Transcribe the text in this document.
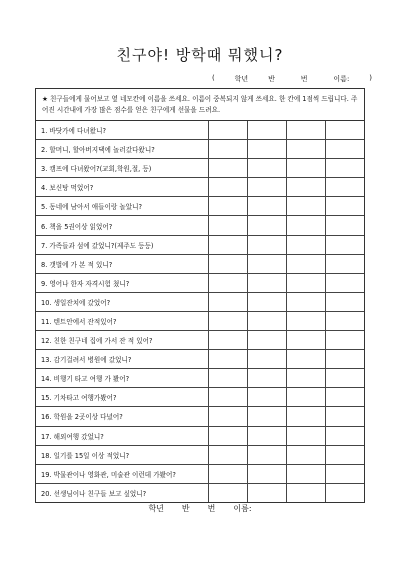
친구야! 방학때 뭐했니?
(	학년	반	번	이름:	)
★ 친구들에게 물어보고 옆 네모칸에 이름을 쓰세요. 이름이 중복되지 않게 쓰세요. 한 칸에 1점씩 드립니다. 주어진 시간내에 가장 많은 점수를 얻은 친구에게 선물을 드려요.
1. 바닷가에 다녀왔니?				
2. 할머니, 할아버지댁에 놀러갔다왔니?				
3. 캠프에 다녀왔어?(교회,학원,절, 등)				
4. 보신탕 먹었어?				
5. 동네에 남아서 애들이랑 놀았니?				
6. 책을 5권이상 읽었어?				
7. 가족들과 섬에 갔었니?(제주도 등등)				
8. 갯벌에 가 본 적 있니?				
9. 영어나 한자 자격시험 쳤니?				
10. 생일잔치에 갔었어?				
11. 텐트안에서 잔적있어?				
12. 친한 친구네 집에 가서 잔 적 있어?				
13. 감기걸려서 병원에 갔었니?				
14. 비행기 타고 여행 가 봤어?				
15. 기차타고 여행가봤어?				
16. 학원을 2곳이상 다녔어?				
17. 해외여행 갔었니?				
18. 일기를 15일 이상 적었니?				
19. 박물관이나 영화관, 미술관 이런데 가봤어?				
20. 선생님이나 친구들 보고 싶었니?				
학년 반 번 이름:
